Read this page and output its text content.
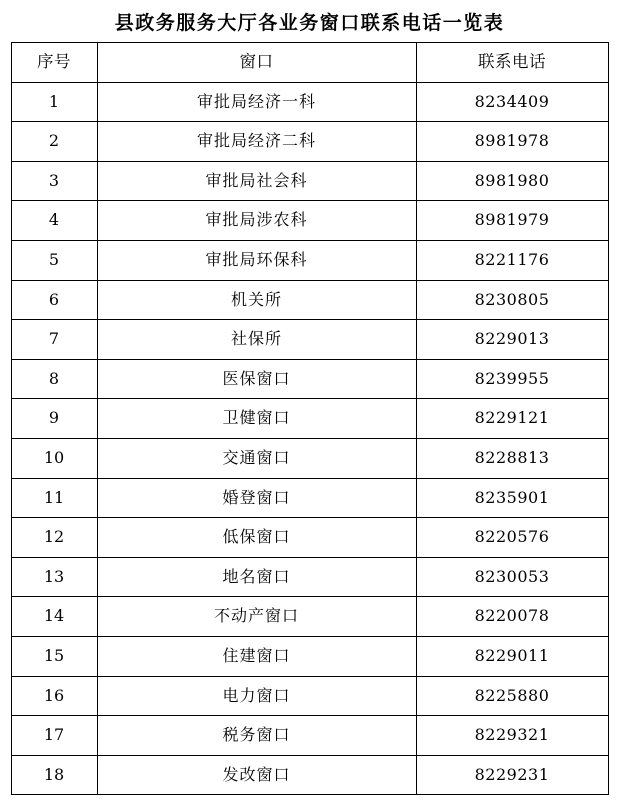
县政务服务大厅各业务窗口联系电话一览表
序号	窗口	联系电话
1	审批局经济一科	8234409
2	审批局经济二科	8981978
3	审批局社会科	8981980
4	审批局涉农科	8981979
5	审批局环保科	8221176
6	机关所	8230805
7	社保所	8229013
8	医保窗口	8239955
9	卫健窗口	8229121
10	交通窗口	8228813
11	婚登窗口	8235901
12	低保窗口	8220576
13	地名窗口	8230053
14	不动产窗口	8220078
15	住建窗口	8229011
16	电力窗口	8225880
17	税务窗口	8229321
18	发改窗口	8229231
